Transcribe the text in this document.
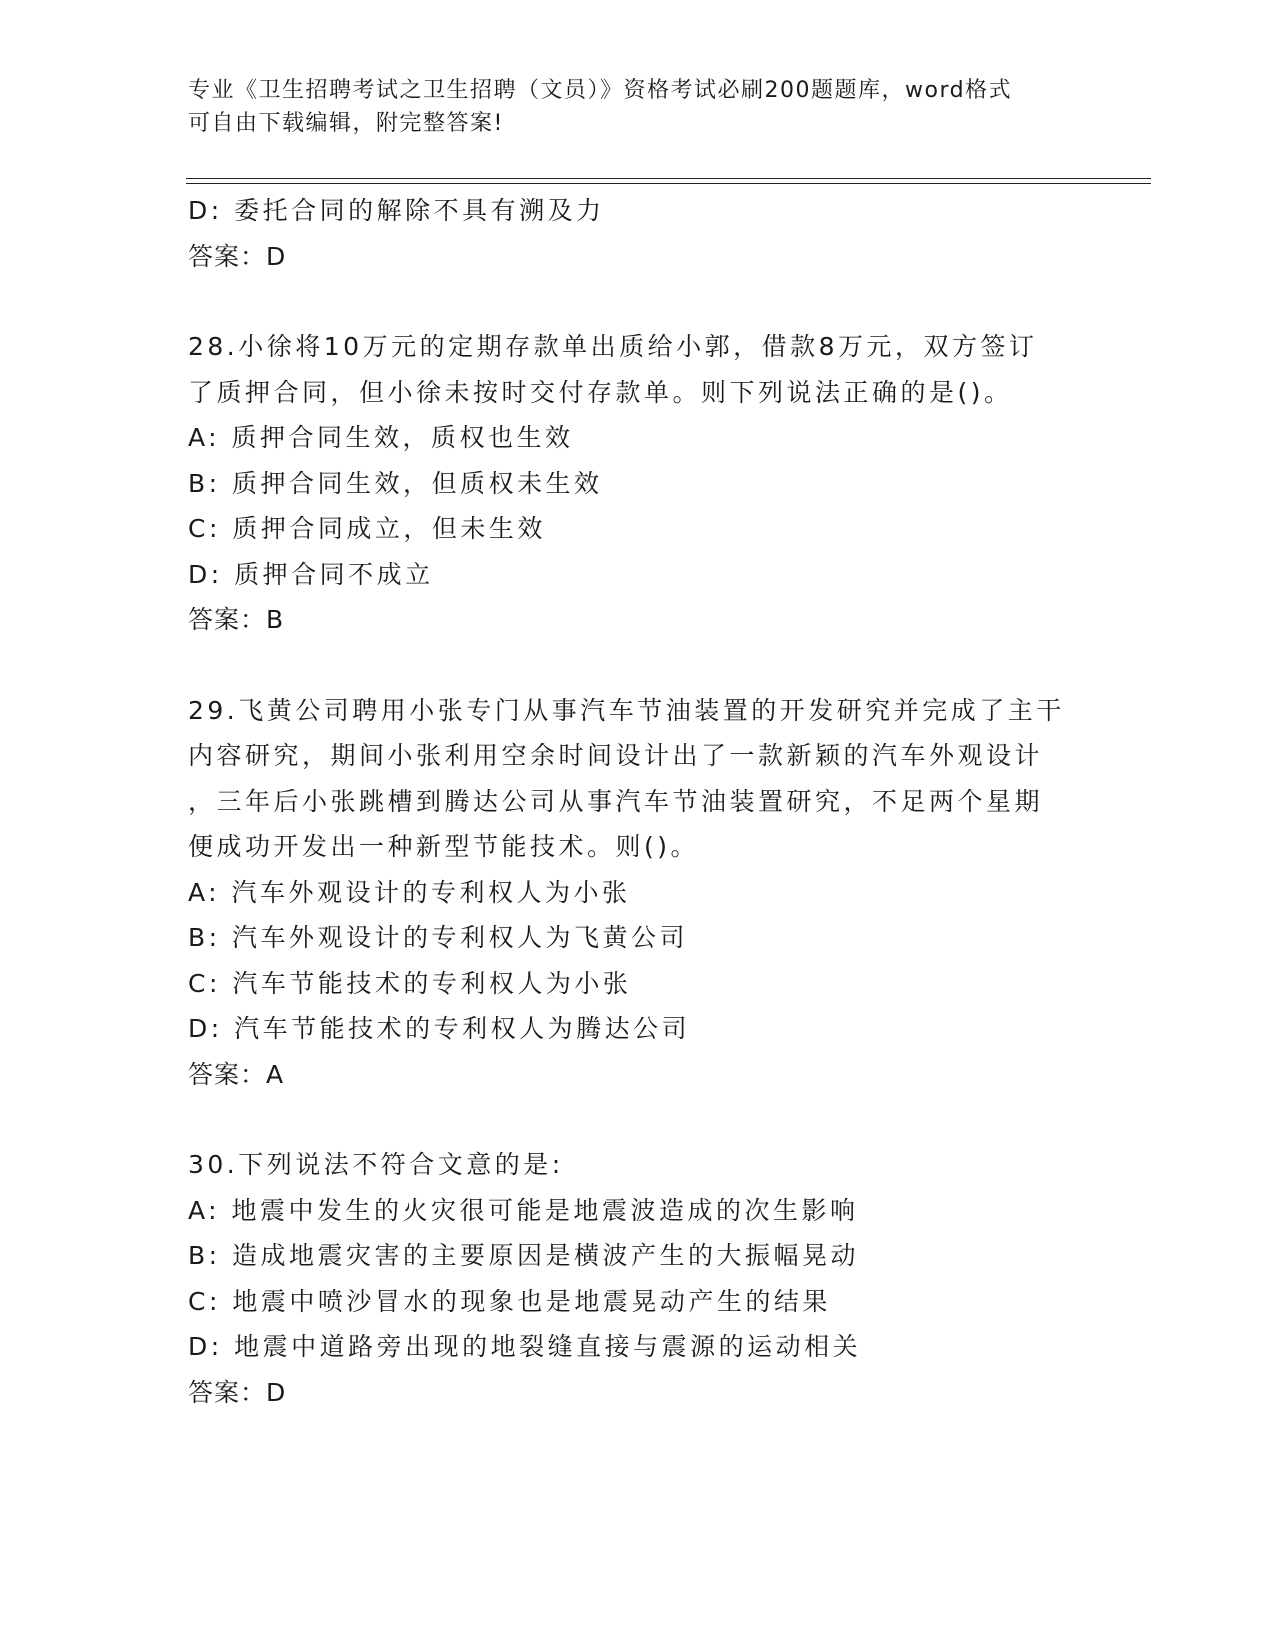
专业《卫生招聘考试之卫生招聘（文员）》资格考试必刷200题题库，word格式
可自由下载编辑，附完整答案!
D: 委托合同的解除不具有溯及力
答案：D
28.小徐将10万元的定期存款单出质给小郭，借款8万元，双方签订
了质押合同，但小徐未按时交付存款单。则下列说法正确的是()。
A: 质押合同生效，质权也生效
B: 质押合同生效，但质权未生效
C: 质押合同成立，但未生效
D: 质押合同不成立
答案：B
29.飞黄公司聘用小张专门从事汽车节油装置的开发研究并完成了主干
内容研究，期间小张利用空余时间设计出了一款新颖的汽车外观设计
，三年后小张跳槽到腾达公司从事汽车节油装置研究，不足两个星期
便成功开发出一种新型节能技术。则()。
A: 汽车外观设计的专利权人为小张
B: 汽车外观设计的专利权人为飞黄公司
C: 汽车节能技术的专利权人为小张
D: 汽车节能技术的专利权人为腾达公司
答案：A
30.下列说法不符合文意的是:
A: 地震中发生的火灾很可能是地震波造成的次生影响
B: 造成地震灾害的主要原因是横波产生的大振幅晃动
C: 地震中喷沙冒水的现象也是地震晃动产生的结果
D: 地震中道路旁出现的地裂缝直接与震源的运动相关
答案：D
